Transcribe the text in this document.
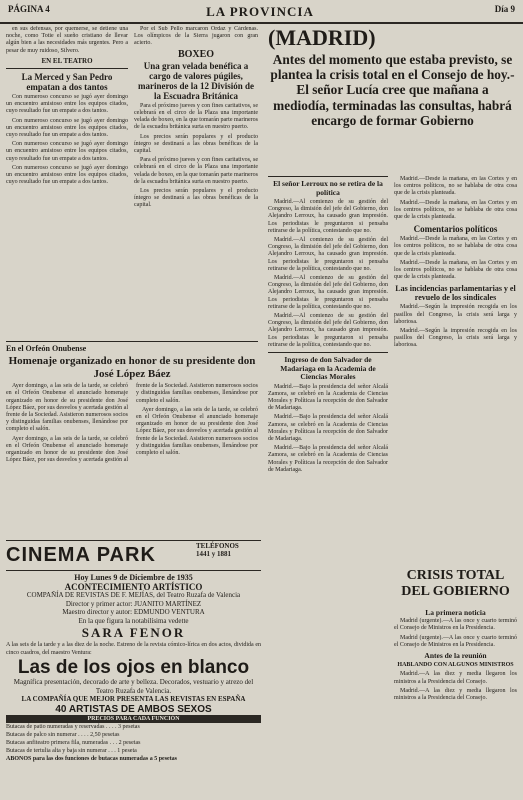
PÁGINA 4	LA PROVINCIA	Día 9

en sus defensas, por quemerse, se detiene una noche, como Totie el sueño cristiano de llevar algún bien a las necesidades más urgentes. Pero a pesar de muy ruidoso, Silvero.

EN EL TEATRO
La Merced y San Pedro empatan a dos tantos

Con numeroso concurso se jugó ayer domingo un encuentro amistoso entre los equipos citados, cuyo resultado fue un empate a dos tantos.

Con numeroso concurso se jugó ayer domingo un encuentro amistoso entre los equipos citados, cuyo resultado fue un empate a dos tantos.

Con numeroso concurso se jugó ayer domingo un encuentro amistoso entre los equipos citados, cuyo resultado fue un empate a dos tantos.

Con numeroso concurso se jugó ayer domingo un encuentro amistoso entre los equipos citados, cuyo resultado fue un empate a dos tantos.

Por el Sub Pello marcaron Ordaz y Cárdenas. Los olímpicos de la Sierra jugaron con gran acierto.

BOXEO
Una gran velada benéfica a cargo de valores púgiles, marineros de la 12 División de la Escuadra Británica

Para el próximo jueves y con fines caritativos, se celebrará en el circo de la Plaza una importante velada de boxeo, en la que tomarán parte marineros de la escuadra británica surta en nuestro puerto.

Los precios serán populares y el producto íntegro se destinará a las obras benéficas de la capital.

Para el próximo jueves y con fines caritativos, se celebrará en el circo de la Plaza una importante velada de boxeo, en la que tomarán parte marineros de la escuadra británica surta en nuestro puerto.

Los precios serán populares y el producto íntegro se destinará a las obras benéficas de la capital.

En el Orfeón Onubense
Homenaje organizado en honor de su presidente don José López Báez

Ayer domingo, a las seis de la tarde, se celebró en el Orfeón Onubense el anunciado homenaje organizado en honor de su presidente don José López Báez, por sus desvelos y acertada gestión al frente de la Sociedad. Asistieron numerosos socios y distinguidas familias onubenses, llenándose por completo el salón.

Ayer domingo, a las seis de la tarde, se celebró en el Orfeón Onubense el anunciado homenaje organizado en honor de su presidente don José López Báez, por sus desvelos y acertada gestión al frente de la Sociedad. Asistieron numerosos socios y distinguidas familias onubenses, llenándose por completo el salón.

Ayer domingo, a las seis de la tarde, se celebró en el Orfeón Onubense el anunciado homenaje organizado en honor de su presidente don José López Báez, por sus desvelos y acertada gestión al frente de la Sociedad. Asistieron numerosos socios y distinguidas familias onubenses, llenándose por completo el salón.

CINEMA PARK	TELÉFONOS
1441 y 1881
Hoy Lunes 9 de Diciembre de 1935
ACONTECIMIENTO ARTÍSTICO
COMPAÑÍA DE REVISTAS DE F. MEJÍAS, del Teatro Ruzafa de Valencia
Director y primer actor: JUANITO MARTÍNEZ
Maestro director y autor: EDMUNDO VENTURA
En la que figura la notabilísima vedette
SARA FENOR
A las seis de la tarde y a las diez de la noche. Estreno de la revista cómico-lírica en dos actos, dividida en cinco cuadros, del maestro Ventura:
Las de los ojos en blanco
Magnífica presentación, decorado de arte y belleza. Decorados, vestuario y atrezo del Teatro Ruzafa de Valencia.
LA COMPAÑÍA QUE MEJOR PRESENTA LAS REVISTAS EN ESPAÑA
40 ARTISTAS DE AMBOS SEXOS
PRECIOS PARA CADA FUNCIÓN
Butacas de patio numeradas y reservadas . . . . 3 pesetas
Butacas de palco sin numerar . . . . 2,50 pesetas
Butacas anfiteatro primera fila, numeradas . . . 2 pesetas
Butacas de tertulia alta y baja sin numerar . . . 1 peseta
ABONOS para las dos funciones de butacas numeradas a 5 pesetas
(MADRID)
Antes del momento que estaba previsto, se plantea la crisis total en el Consejo de hoy.-El señor Lucía cree que mañana a mediodía, terminadas las consultas, habrá encargo de formar Gobierno
El señor Lerroux no se retira de la política

Madrid.—Al comienzo de su gestión del Congreso, la dimisión del jefe del Gobierno, don Alejandro Lerroux, ha causado gran impresión. Los periodistas le preguntaron si pensaba retirarse de la política, contestando que no.

Madrid.—Al comienzo de su gestión del Congreso, la dimisión del jefe del Gobierno, don Alejandro Lerroux, ha causado gran impresión. Los periodistas le preguntaron si pensaba retirarse de la política, contestando que no.

Madrid.—Al comienzo de su gestión del Congreso, la dimisión del jefe del Gobierno, don Alejandro Lerroux, ha causado gran impresión. Los periodistas le preguntaron si pensaba retirarse de la política, contestando que no.

Madrid.—Al comienzo de su gestión del Congreso, la dimisión del jefe del Gobierno, don Alejandro Lerroux, ha causado gran impresión. Los periodistas le preguntaron si pensaba retirarse de la política, contestando que no.

Ingreso de don Salvador de Madariaga en la Academia de Ciencias Morales

Madrid.—Bajo la presidencia del señor Alcalá Zamora, se celebró en la Academia de Ciencias Morales y Políticas la recepción de don Salvador de Madariaga.

Madrid.—Bajo la presidencia del señor Alcalá Zamora, se celebró en la Academia de Ciencias Morales y Políticas la recepción de don Salvador de Madariaga.

Madrid.—Bajo la presidencia del señor Alcalá Zamora, se celebró en la Academia de Ciencias Morales y Políticas la recepción de don Salvador de Madariaga.

Madrid.—Desde la mañana, en las Cortes y en los centros políticos, no se hablaba de otra cosa que de la crisis planteada.

Madrid.—Desde la mañana, en las Cortes y en los centros políticos, no se hablaba de otra cosa que de la crisis planteada.

Comentarios políticos

Madrid.—Desde la mañana, en las Cortes y en los centros políticos, no se hablaba de otra cosa que de la crisis planteada.

Madrid.—Desde la mañana, en las Cortes y en los centros políticos, no se hablaba de otra cosa que de la crisis planteada.

Las incidencias parlamentarias y el revuelo de los sindicales

Madrid.—Según la impresión recogida en los pasillos del Congreso, la crisis será larga y laboriosa.

Madrid.—Según la impresión recogida en los pasillos del Congreso, la crisis será larga y laboriosa.

CRISIS TOTAL DEL GOBIERNO
La primera noticia

Madrid (urgente).—A las once y cuarto terminó el Consejo de Ministros en la Presidencia.

Madrid (urgente).—A las once y cuarto terminó el Consejo de Ministros en la Presidencia.

Antes de la reunión
HABLANDO CON ALGUNOS MINISTROS

Madrid.—A las diez y media llegaron los ministros a la Presidencia del Consejo.

Madrid.—A las diez y media llegaron los ministros a la Presidencia del Consejo.
